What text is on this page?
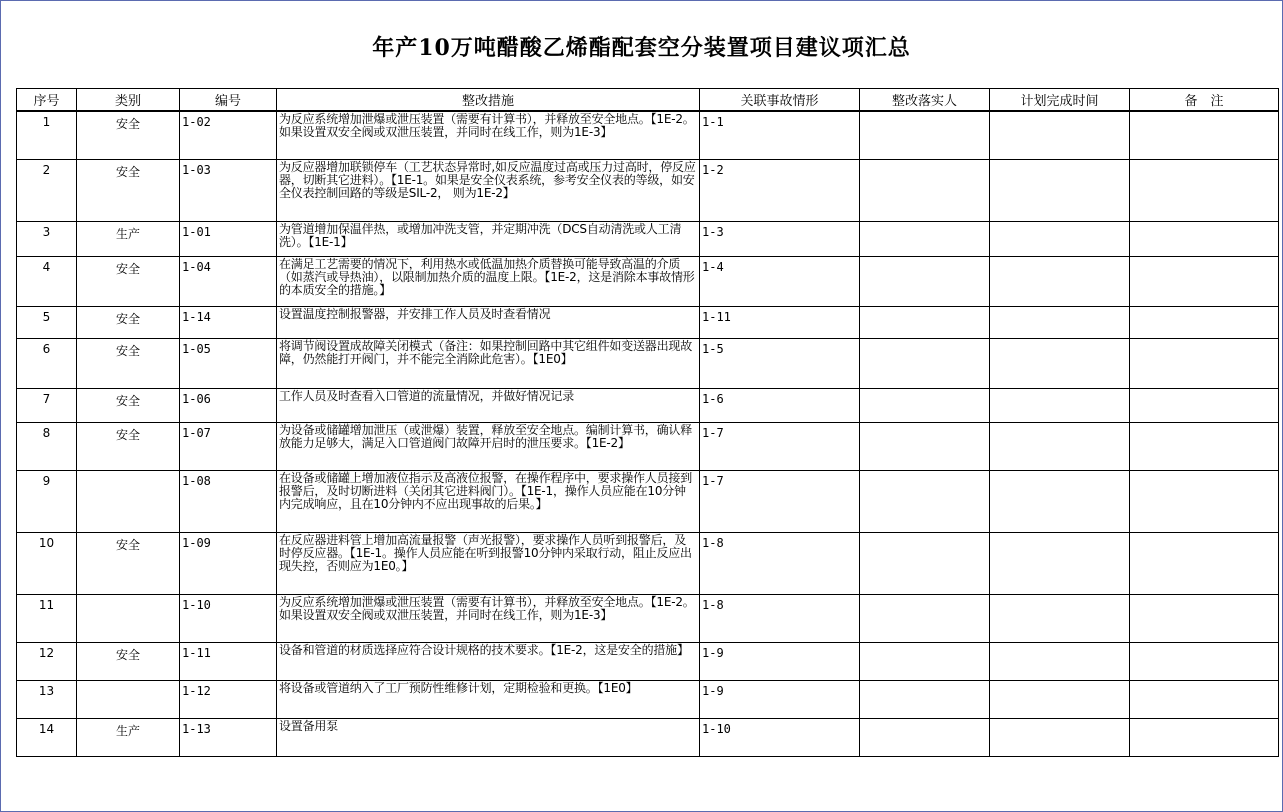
年产10万吨醋酸乙烯酯配套空分装置项目建议项汇总
序号	类别	编号	整改措施	关联事故情形	整改落实人	计划完成时间	备　注
1	安全	1-02	为反应系统增加泄爆或泄压装置（需要有计算书），并释放至安全地点。【1E-2。如果设置双安全阀或双泄压装置，并同时在线工作，则为1E-3】	1-1			
2	安全	1-03	为反应器增加联锁停车（工艺状态异常时,如反应温度过高或压力过高时，停反应器，切断其它进料）。【1E-1。如果是安全仪表系统，参考安全仪表的等级，如安全仪表控制回路的等级是SIL-2， 则为1E-2】	1-2			
3	生产	1-01	为管道增加保温伴热，或增加冲洗支管，并定期冲洗（DCS自动清洗或人工清洗）。【1E-1】	1-3			
4	安全	1-04	在满足工艺需要的情况下，利用热水或低温加热介质替换可能导致高温的介质（如蒸汽或导热油），以限制加热介质的温度上限。【1E-2，这是消除本事故情形的本质安全的措施。】	1-4			
5	安全	1-14	设置温度控制报警器，并安排工作人员及时查看情况	1-11			
6	安全	1-05	将调节阀设置成故障关闭模式（备注：如果控制回路中其它组件如变送器出现故障，仍然能打开阀门，并不能完全消除此危害）。【1E0】	1-5			
7	安全	1-06	工作人员及时查看入口管道的流量情况，并做好情况记录	1-6			
8	安全	1-07	为设备或储罐增加泄压（或泄爆）装置，释放至安全地点。编制计算书，确认释放能力足够大，满足入口管道阀门故障开启时的泄压要求。【1E-2】	1-7			
9		1-08	在设备或储罐上增加液位指示及高液位报警，在操作程序中，要求操作人员接到报警后，及时切断进料（关闭其它进料阀门）。【1E-1，操作人员应能在10分钟内完成响应，且在10分钟内不应出现事故的后果。】	1-7			
10	安全	1-09	在反应器进料管上增加高流量报警（声光报警），要求操作人员听到报警后，及时停反应器。【1E-1。操作人员应能在听到报警10分钟内采取行动，阻止反应出现失控，否则应为1E0。】	1-8			
11		1-10	为反应系统增加泄爆或泄压装置（需要有计算书），并释放至安全地点。【1E-2。如果设置双安全阀或双泄压装置，并同时在线工作，则为1E-3】	1-8			
12	安全	1-11	设备和管道的材质选择应符合设计规格的技术要求。【1E-2，这是安全的措施】	1-9			
13		1-12	将设备或管道纳入了工厂预防性维修计划，定期检验和更换。【1E0】	1-9			
14	生产	1-13	设置备用泵	1-10			
